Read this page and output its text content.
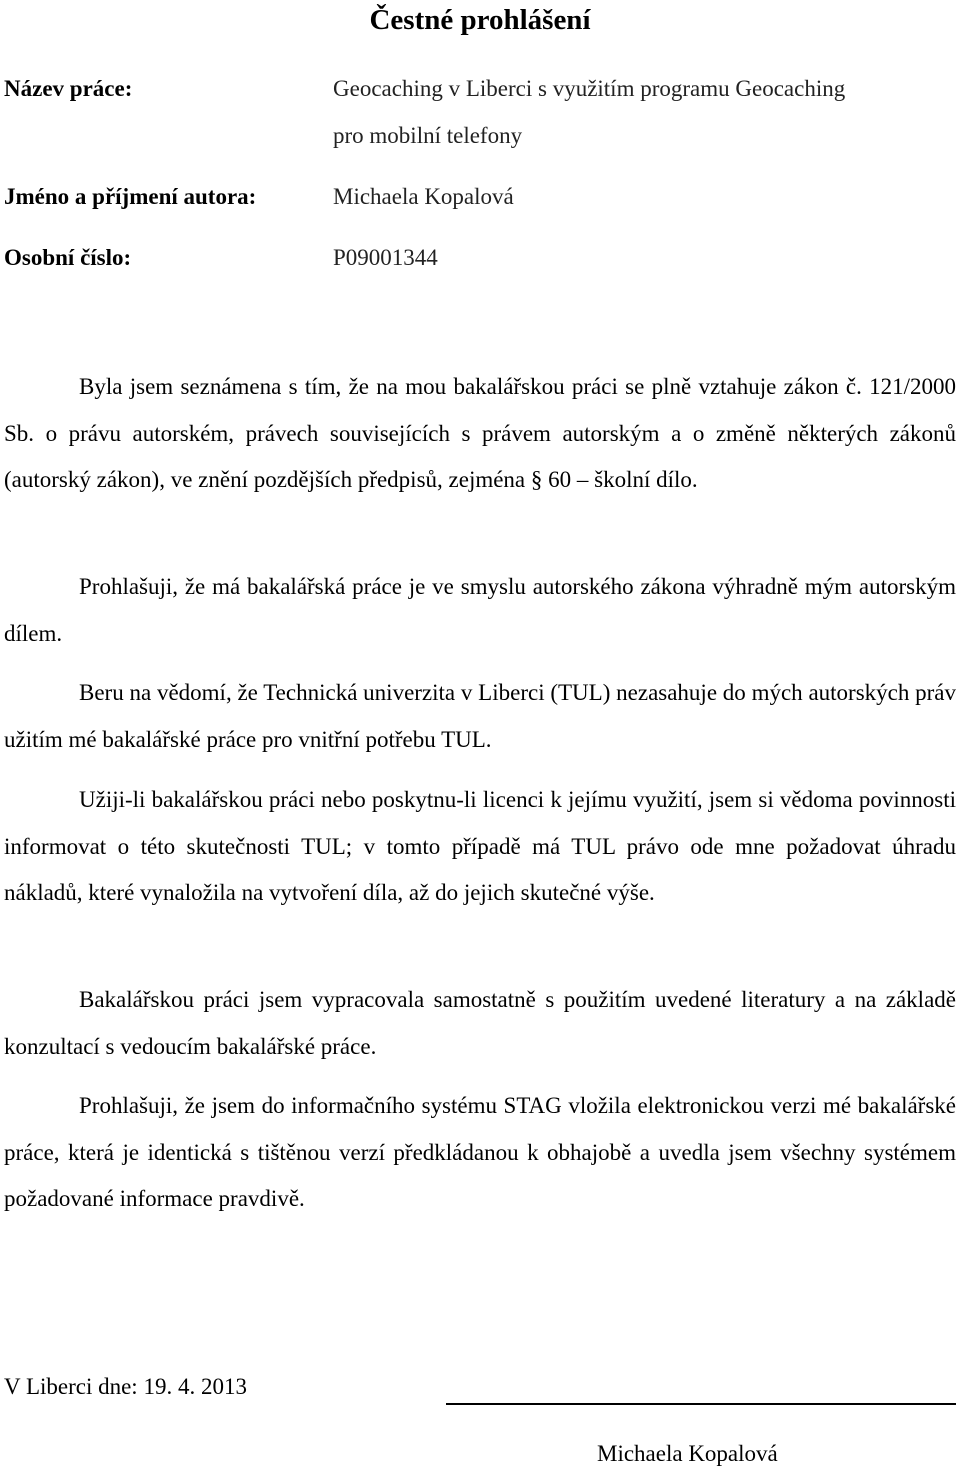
Čestné prohlášení
Název práce:	Geocaching v Liberci s využitím programu Geocaching
pro mobilní telefony
Jméno a příjmení autora:	Michaela Kopalová
Osobní číslo:	P09001344

Byla jsem seznámena s tím, že na mou bakalářskou práci se plně vztahuje zákon č. 121/2000 Sb. o právu autorském, právech souvisejících s právem autorským a o změně některých zákonů (autorský zákon), ve znění pozdějších předpisů, zejména § 60 – školní dílo.

Prohlašuji, že má bakalářská práce je ve smyslu autorského zákona výhradně mým autorským dílem.

Beru na vědomí, že Technická univerzita v Liberci (TUL) nezasahuje do mých autorských práv užitím mé bakalářské práce pro vnitřní potřebu TUL.

Užiji-li bakalářskou práci nebo poskytnu-li licenci k jejímu využití, jsem si vědoma povinnosti informovat o této skutečnosti TUL; v tomto případě má TUL právo ode mne požadovat úhradu nákladů, které vynaložila na vytvoření díla, až do jejich skutečné výše.

Bakalářskou práci jsem vypracovala samostatně s použitím uvedené literatury a na základě konzultací s vedoucím bakalářské práce.

Prohlašuji, že jsem do informačního systému STAG vložila elektronickou verzi mé bakalářské práce, která je identická s tištěnou verzí předkládanou k obhajobě a uvedla jsem všechny systémem požadované informace pravdivě.

V Liberci dne: 19. 4. 2013
Michaela Kopalová
